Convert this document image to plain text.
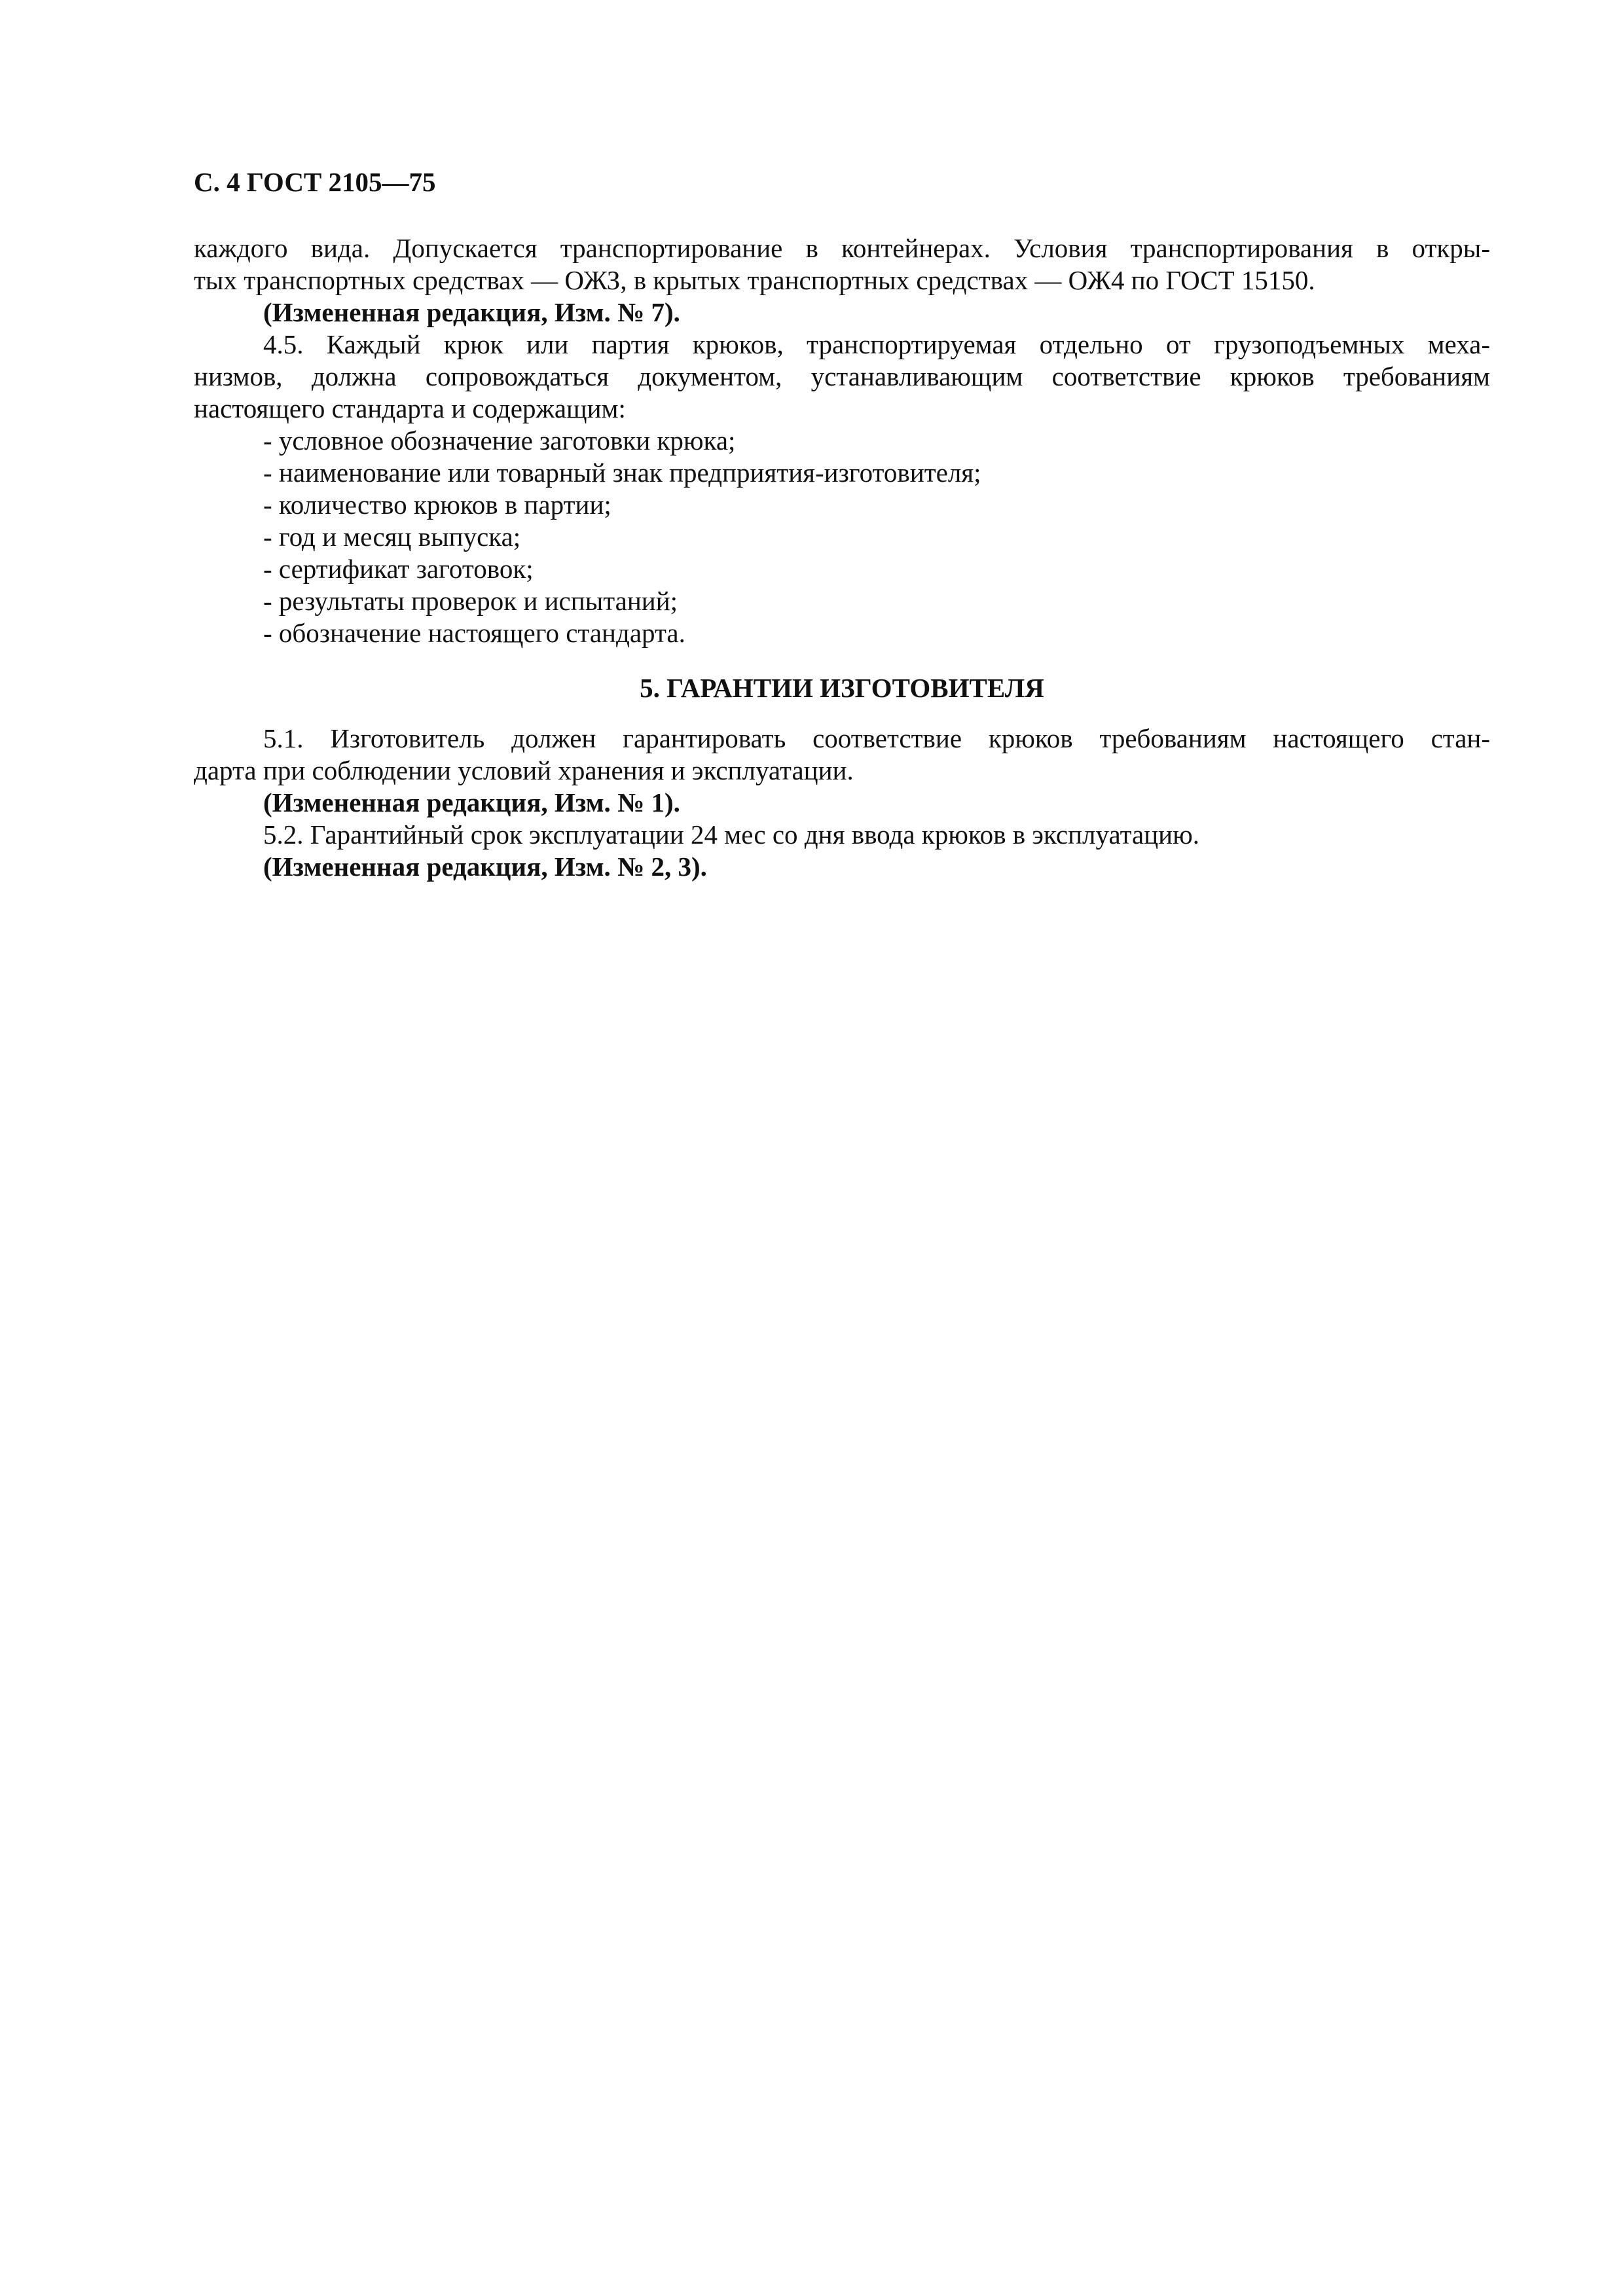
С. 4 ГОСТ 2105—75
каждого вида. Допускается транспортирование в контейнерах. Условия транспортирования в откры-
тых транспортных средствах — ОЖЗ, в крытых транспортных средствах — ОЖ4 по ГОСТ 15150.
(Измененная редакция, Изм. № 7).
4.5. Каждый крюк или партия крюков, транспортируемая отдельно от грузоподъемных меха-
низмов, должна сопровождаться документом, устанавливающим соответствие крюков требованиям
настоящего стандарта и содержащим:
- условное обозначение заготовки крюка;
- наименование или товарный знак предприятия-изготовителя;
- количество крюков в партии;
- год и месяц выпуска;
- сертификат заготовок;
- результаты проверок и испытаний;
- обозначение настоящего стандарта.
5. ГАРАНТИИ ИЗГОТОВИТЕЛЯ
5.1. Изготовитель должен гарантировать соответствие крюков требованиям настоящего стан-
дарта при соблюдении условий хранения и эксплуатации.
(Измененная редакция, Изм. № 1).
5.2. Гарантийный срок эксплуатации 24 мес со дня ввода крюков в эксплуатацию.
(Измененная редакция, Изм. № 2, 3).
